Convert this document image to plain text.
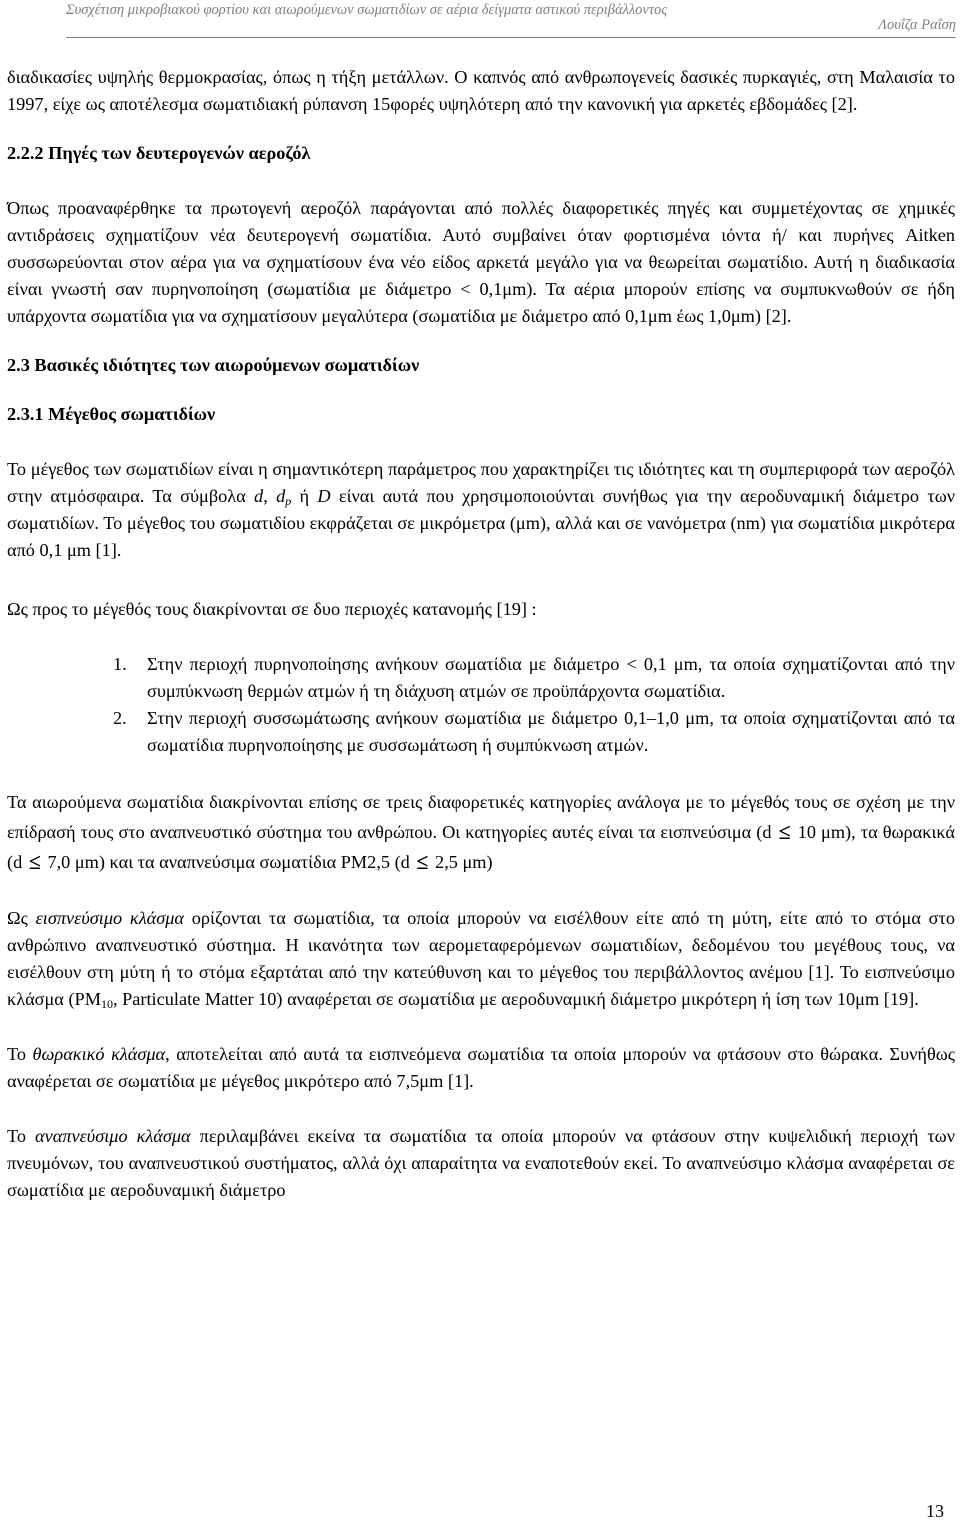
Συσχέτιση μικροβιακού φορτίου και αιωρούμενων σωματιδίων σε αέρια δείγματα αστικού περιβάλλοντος
Λουΐζα Ραΐση

διαδικασίες υψηλής θερμοκρασίας, όπως η τήξη μετάλλων. Ο καπνός από ανθρωπογενείς δασικές πυρκαγιές, στη Μαλαισία το 1997, είχε ως αποτέλεσμα σωματιδιακή ρύπανση 15φορές υψηλότερη από την κανονική για αρκετές εβδομάδες [2].

2.2.2 Πηγές των δευτερογενών αεροζόλ

Όπως προαναφέρθηκε τα πρωτογενή αεροζόλ παράγονται από πολλές διαφορετικές πηγές και συμμετέχοντας σε χημικές αντιδράσεις σχηματίζουν νέα δευτερογενή σωματίδια. Αυτό συμβαίνει όταν φορτισμένα ιόντα ή/ και πυρήνες Aitken συσσωρεύονται στον αέρα για να σχηματίσουν ένα νέο είδος αρκετά μεγάλο για να θεωρείται σωματίδιο. Αυτή η διαδικασία είναι γνωστή σαν πυρηνοποίηση (σωματίδια με διάμετρο < 0,1μm). Τα αέρια μπορούν επίσης να συμπυκνωθούν σε ήδη υπάρχοντα σωματίδια για να σχηματίσουν μεγαλύτερα (σωματίδια με διάμετρο από 0,1μm έως 1,0μm) [2].

2.3 Βασικές ιδιότητες των αιωρούμενων σωματιδίων
2.3.1 Μέγεθος σωματιδίων

Το μέγεθος των σωματιδίων είναι η σημαντικότερη παράμετρος που χαρακτηρίζει τις ιδιότητες και τη συμπεριφορά των αεροζόλ στην ατμόσφαιρα. Τα σύμβολα d, $d_p$ ή D είναι αυτά που χρησιμοποιούνται συνήθως για την αεροδυναμική διάμετρο των σωματιδίων. Το μέγεθος του σωματιδίου εκφράζεται σε μικρόμετρα (μm), αλλά και σε νανόμετρα (nm) για σωματίδια μικρότερα από 0,1 μm [1].

Ως προς το μέγεθός τους διακρίνονται σε δυο περιοχές κατανομής [19] :

1. Στην περιοχή πυρηνοποίησης ανήκουν σωματίδια με διάμετρο < 0,1 μm, τα οποία σχηματίζονται από την συμπύκνωση θερμών ατμών ή τη διάχυση ατμών σε προϋπάρχοντα σωματίδια.
2. Στην περιοχή συσσωμάτωσης ανήκουν σωματίδια με διάμετρο 0,1–1,0 μm, τα οποία σχηματίζονται από τα σωματίδια πυρηνοποίησης με συσσωμάτωση ή συμπύκνωση ατμών.

Τα αιωρούμενα σωματίδια διακρίνονται επίσης σε τρεις διαφορετικές κατηγορίες ανάλογα με το μέγεθός τους σε σχέση με την επίδρασή τους στο αναπνευστικό σύστημα του ανθρώπου. Οι κατηγορίες αυτές είναι τα εισπνεύσιμα (d ≤ 10 μm), τα θωρακικά (d ≤ 7,0 μm) και τα αναπνεύσιμα σωματίδια PM2,5 (d ≤ 2,5 μm)

Ως εισπνεύσιμο κλάσμα ορίζονται τα σωματίδια, τα οποία μπορούν να εισέλθουν είτε από τη μύτη, είτε από το στόμα στο ανθρώπινο αναπνευστικό σύστημα. Η ικανότητα των αερομεταφερόμενων σωματιδίων, δεδομένου του μεγέθους τους, να εισέλθουν στη μύτη ή το στόμα εξαρτάται από την κατεύθυνση και το μέγεθος του περιβάλλοντος ανέμου [1]. Το εισπνεύσιμο κλάσμα ($PM_{10}$, Particulate Matter 10) αναφέρεται σε σωματίδια με αεροδυναμική διάμετρο μικρότερη ή ίση των 10μm [19].

Το θωρακικό κλάσμα, αποτελείται από αυτά τα εισπνεόμενα σωματίδια τα οποία μπορούν να φτάσουν στο θώρακα. Συνήθως αναφέρεται σε σωματίδια με μέγεθος μικρότερο από 7,5μm [1].

Το αναπνεύσιμο κλάσμα περιλαμβάνει εκείνα τα σωματίδια τα οποία μπορούν να φτάσουν στην κυψελιδική περιοχή των πνευμόνων, του αναπνευστικού συστήματος, αλλά όχι απαραίτητα να εναποτεθούν εκεί. Το αναπνεύσιμο κλάσμα αναφέρεται σε σωματίδια με αεροδυναμική διάμετρο

13
